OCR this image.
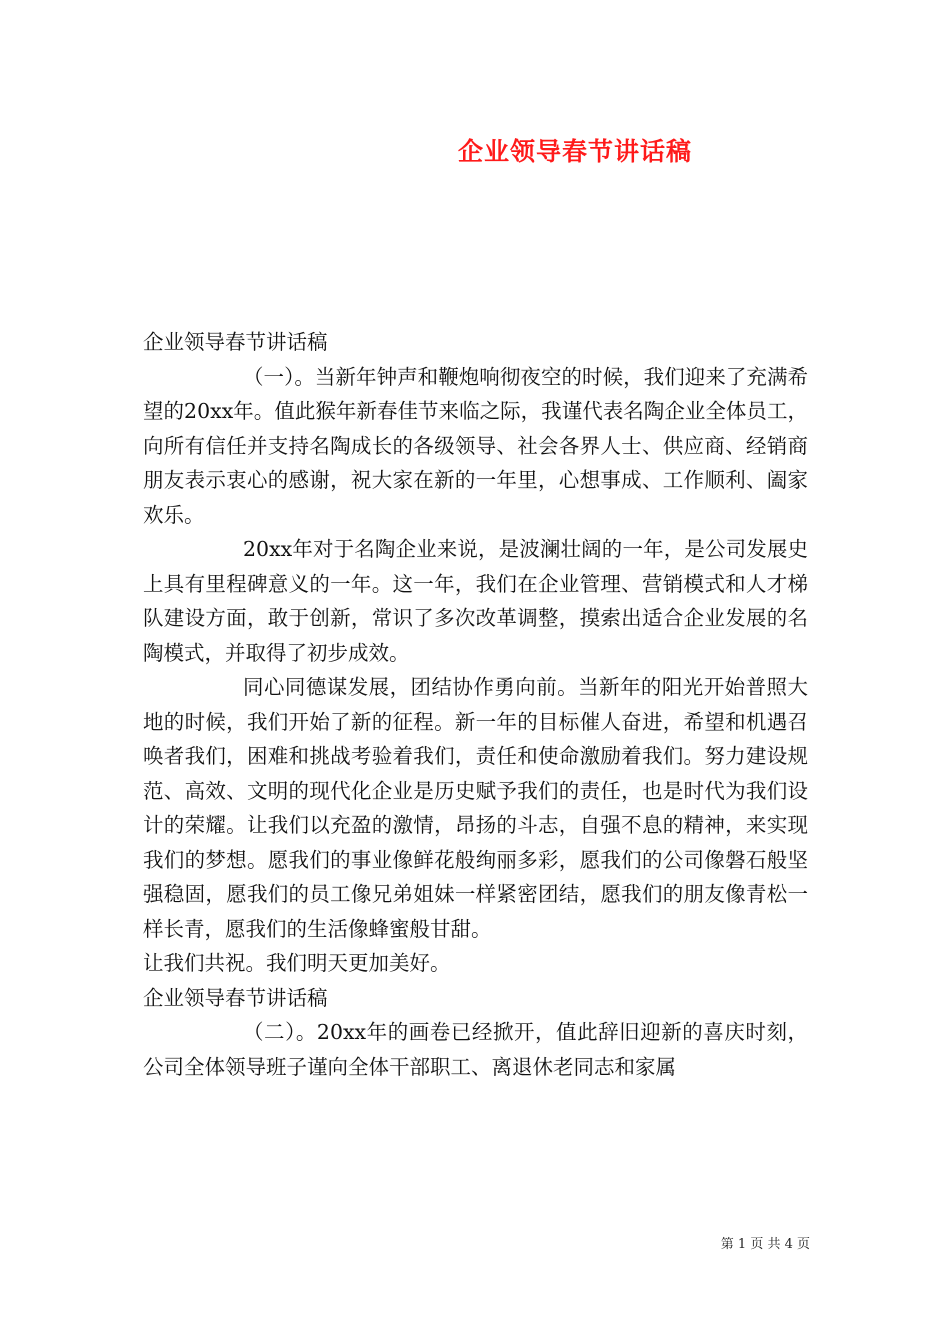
企业领导春节讲话稿

企业领导春节讲话稿

（一）。当新年钟声和鞭炮响彻夜空的时候，我们迎来了充满希望的20xx年。值此猴年新春佳节来临之际，我谨代表名陶企业全体员工，向所有信任并支持名陶成长的各级领导、社会各界人士、供应商、经销商朋友表示衷心的感谢，祝大家在新的一年里，心想事成、工作顺利、阖家欢乐。

20xx年对于名陶企业来说，是波澜壮阔的一年，是公司发展史上具有里程碑意义的一年。这一年，我们在企业管理、营销模式和人才梯队建设方面，敢于创新，常识了多次改革调整，摸索出适合企业发展的名陶模式，并取得了初步成效。

同心同德谋发展，团结协作勇向前。当新年的阳光开始普照大地的时候，我们开始了新的征程。新一年的目标催人奋进，希望和机遇召唤者我们，困难和挑战考验着我们，责任和使命激励着我们。努力建设规范、高效、文明的现代化企业是历史赋予我们的责任，也是时代为我们设计的荣耀。让我们以充盈的激情，昂扬的斗志，自强不息的精神，来实现我们的梦想。愿我们的事业像鲜花般绚丽多彩，愿我们的公司像磐石般坚强稳固，愿我们的员工像兄弟姐妹一样紧密团结，愿我们的朋友像青松一样长青，愿我们的生活像蜂蜜般甘甜。

让我们共祝。我们明天更加美好。

企业领导春节讲话稿

（二）。20xx年的画卷已经掀开，值此辞旧迎新的喜庆时刻，公司全体领导班子谨向全体干部职工、离退休老同志和家属

第 1 页 共 4 页
